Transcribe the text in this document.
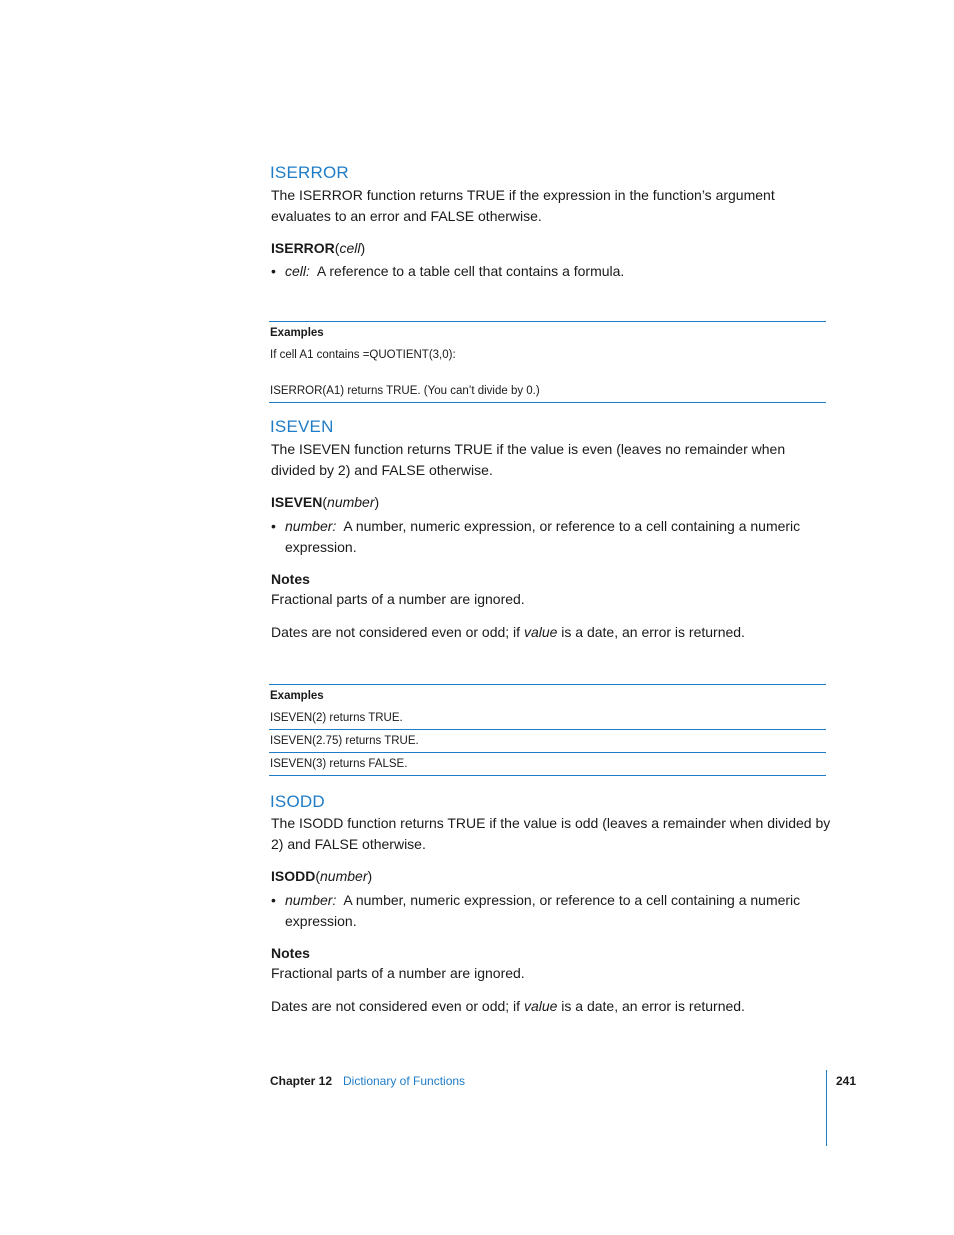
ISERROR

The ISERROR function returns TRUE if the expression in the function’s argument evaluates to an error and FALSE otherwise.

ISERROR(cell)
• cell: A reference to a table cell that contains a formula.
Examples
If cell A1 contains =QUOTIENT(3,0):
ISERROR(A1) returns TRUE. (You can’t divide by 0.)
ISEVEN

The ISEVEN function returns TRUE if the value is even (leaves no remainder when divided by 2) and FALSE otherwise.

ISEVEN(number)
• number: A number, numeric expression, or reference to a cell containing a numeric expression.
Notes

Fractional parts of a number are ignored.

Dates are not considered even or odd; if value is a date, an error is returned.

Examples
ISEVEN(2) returns TRUE.
ISEVEN(2.75) returns TRUE.
ISEVEN(3) returns FALSE.
ISODD

The ISODD function returns TRUE if the value is odd (leaves a remainder when divided by 2) and FALSE otherwise.

ISODD(number)
• number: A number, numeric expression, or reference to a cell containing a numeric expression.
Notes

Fractional parts of a number are ignored.

Dates are not considered even or odd; if value is a date, an error is returned.

Chapter 12 Dictionary of Functions	241
